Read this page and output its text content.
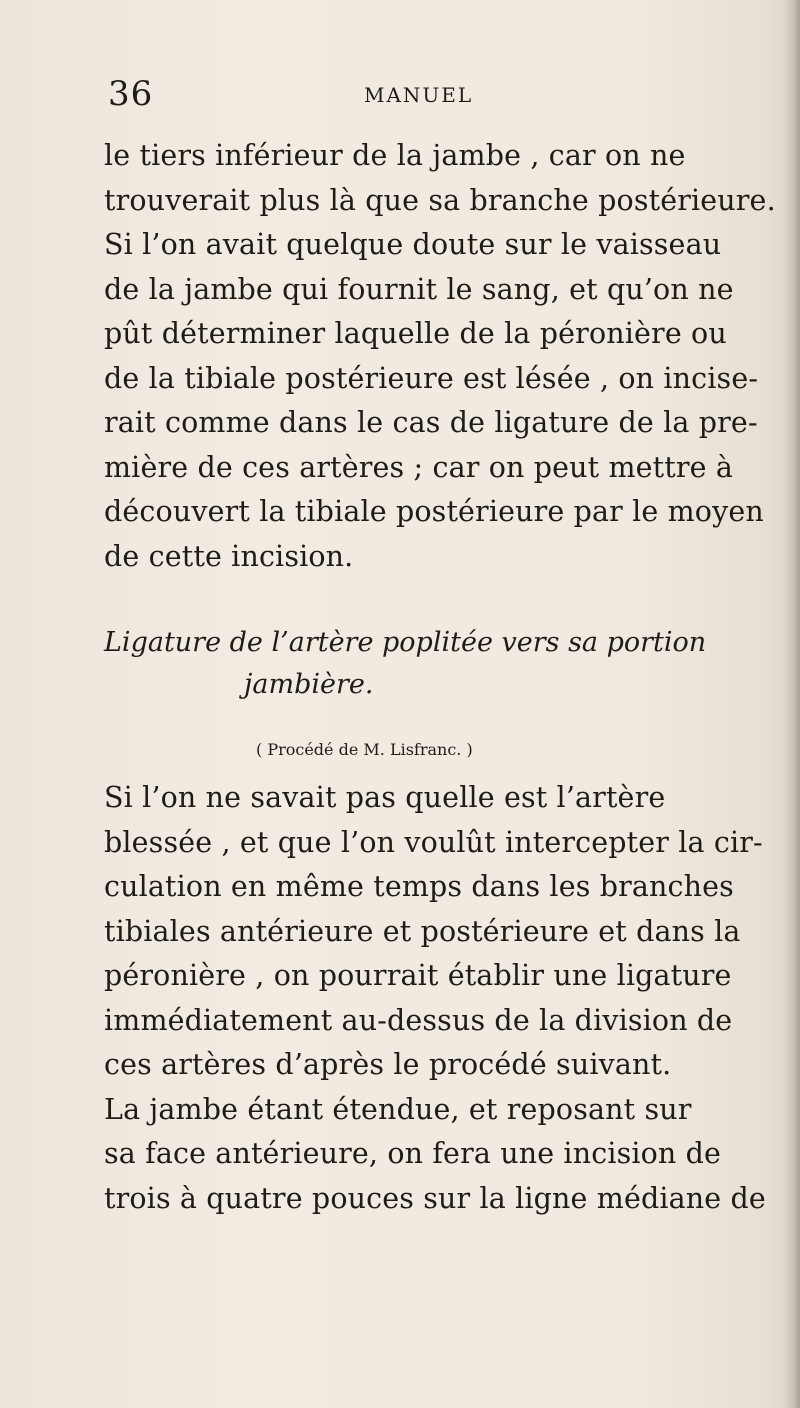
36	MANUEL
le tiers inférieur de la jambe , car on ne
trouverait plus là que sa branche postérieure.
Si l’on avait quelque doute sur le vaisseau
de la jambe qui fournit le sang, et qu’on ne
pût déterminer laquelle de la péronière ou
de la tibiale postérieure est lésée , on incise-
rait comme dans le cas de ligature de la pre-
mière de ces artères ; car on peut mettre à
découvert la tibiale postérieure par le moyen
de cette incision.
Ligature de l’artère poplitée vers sa portion
jambière.
( Procédé de M. Lisfranc. )
Si l’on ne savait pas quelle est l’artère
blessée , et que l’on voulût intercepter la cir-
culation en même temps dans les branches
tibiales antérieure et postérieure et dans la
péronière , on pourrait établir une ligature
immédiatement au-dessus de la division de
ces artères d’après le procédé suivant.
La jambe étant étendue, et reposant sur
sa face antérieure, on fera une incision de
trois à quatre pouces sur la ligne médiane de
